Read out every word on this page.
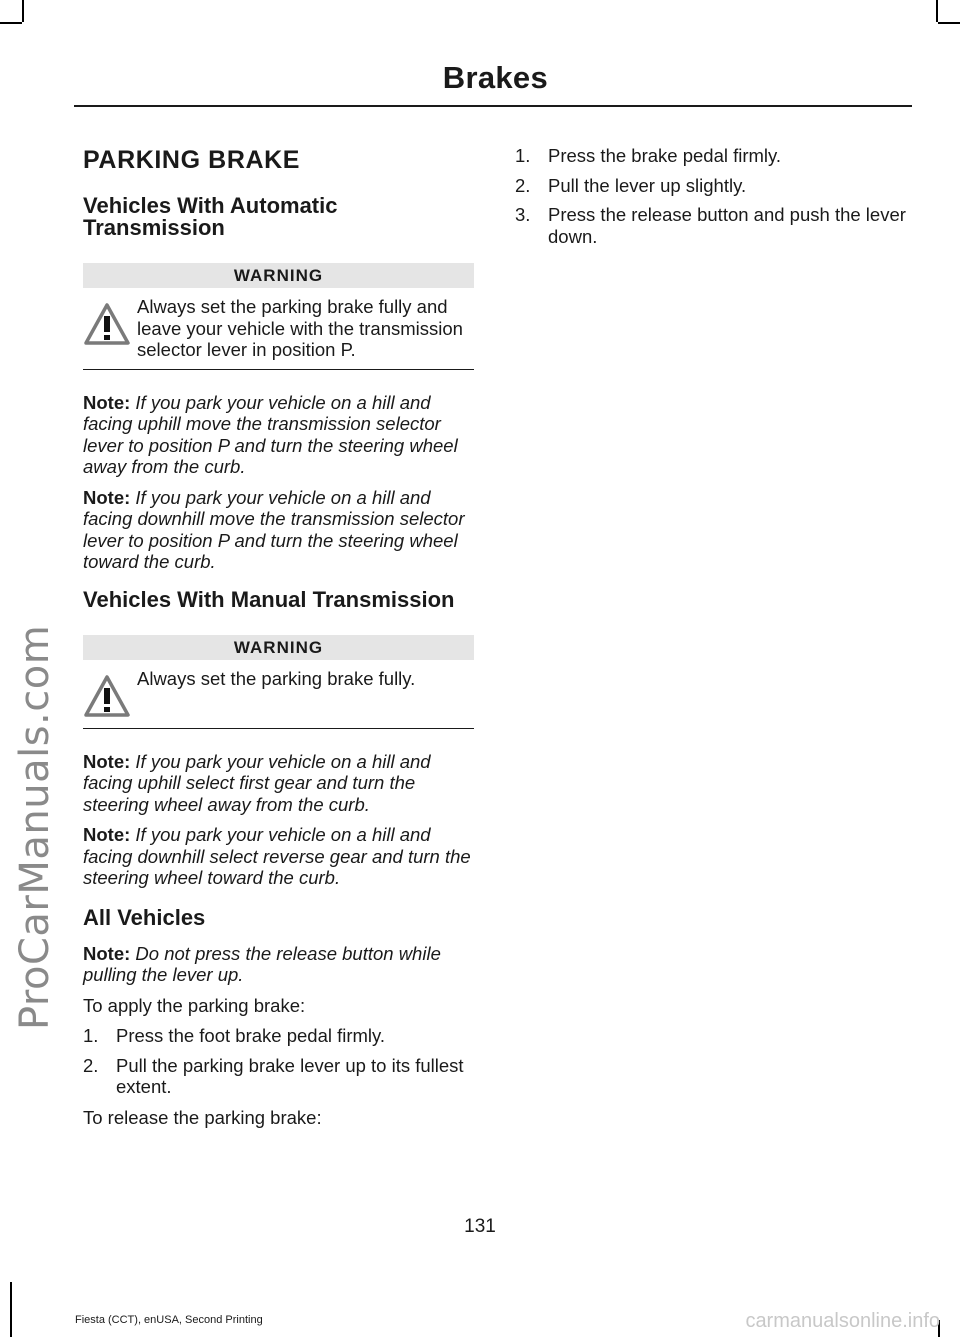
ProCarManuals.com
Brakes
PARKING BRAKE
Vehicles With Automatic Transmission
WARNING

Always set the parking brake fully and leave your vehicle with the transmission selector lever in position P.

Note: If you park your vehicle on a hill and facing uphill move the transmission selector lever to position P and turn the steering wheel away from the curb.

Note: If you park your vehicle on a hill and facing downhill move the transmission selector lever to position P and turn the steering wheel toward the curb.

Vehicles With Manual Transmission
WARNING

Always set the parking brake fully.

Note: If you park your vehicle on a hill and facing uphill select first gear and turn the steering wheel away from the curb.

Note: If you park your vehicle on a hill and facing downhill select reverse gear and turn the steering wheel toward the curb.

All Vehicles

Note: Do not press the release button while pulling the lever up.

To apply the parking brake:

1. Press the foot brake pedal firmly.
2. Pull the parking brake lever up to its fullest extent.

To release the parking brake:

1. Press the brake pedal firmly.
2. Pull the lever up slightly.
3. Press the release button and push the lever down.
131
Fiesta (CCT), enUSA, Second Printing	carmanualsonline.info
